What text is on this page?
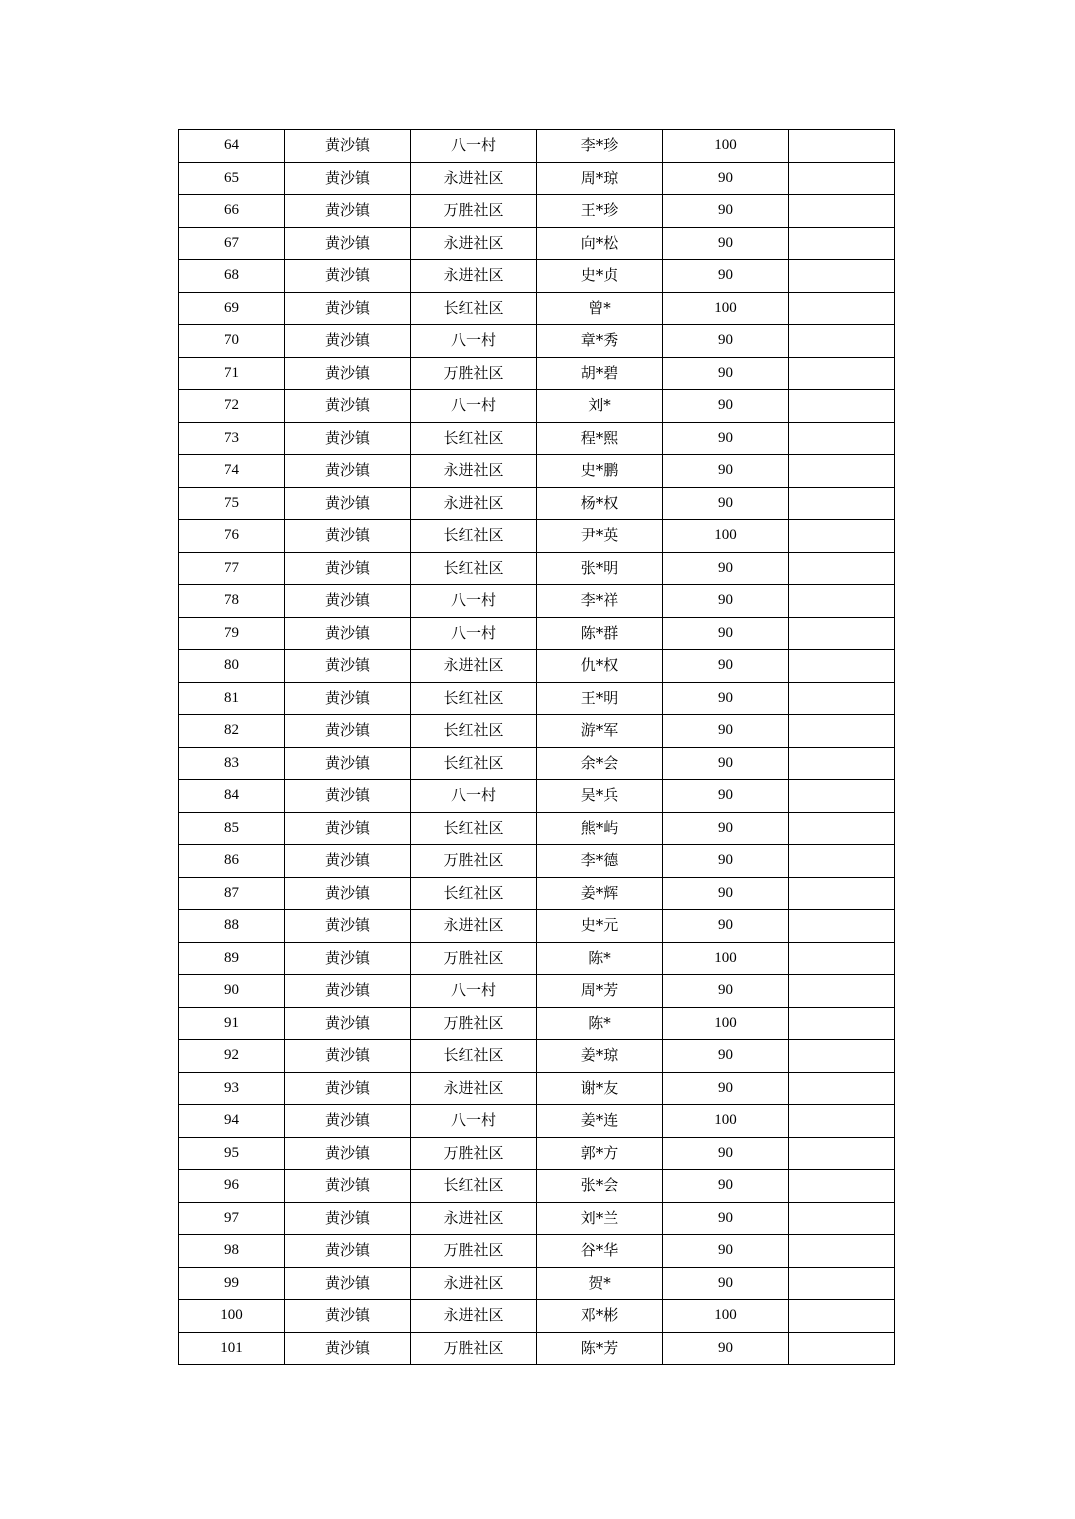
64	黄沙镇	八一村	李*珍	100	
65	黄沙镇	永进社区	周*琼	90	
66	黄沙镇	万胜社区	王*珍	90	
67	黄沙镇	永进社区	向*松	90	
68	黄沙镇	永进社区	史*贞	90	
69	黄沙镇	长红社区	曾*	100	
70	黄沙镇	八一村	章*秀	90	
71	黄沙镇	万胜社区	胡*碧	90	
72	黄沙镇	八一村	刘*	90	
73	黄沙镇	长红社区	程*熙	90	
74	黄沙镇	永进社区	史*鹏	90	
75	黄沙镇	永进社区	杨*权	90	
76	黄沙镇	长红社区	尹*英	100	
77	黄沙镇	长红社区	张*明	90	
78	黄沙镇	八一村	李*祥	90	
79	黄沙镇	八一村	陈*群	90	
80	黄沙镇	永进社区	仇*权	90	
81	黄沙镇	长红社区	王*明	90	
82	黄沙镇	长红社区	游*军	90	
83	黄沙镇	长红社区	余*会	90	
84	黄沙镇	八一村	吴*兵	90	
85	黄沙镇	长红社区	熊*屿	90	
86	黄沙镇	万胜社区	李*德	90	
87	黄沙镇	长红社区	姜*辉	90	
88	黄沙镇	永进社区	史*元	90	
89	黄沙镇	万胜社区	陈*	100	
90	黄沙镇	八一村	周*芳	90	
91	黄沙镇	万胜社区	陈*	100	
92	黄沙镇	长红社区	姜*琼	90	
93	黄沙镇	永进社区	谢*友	90	
94	黄沙镇	八一村	姜*连	100	
95	黄沙镇	万胜社区	郭*方	90	
96	黄沙镇	长红社区	张*会	90	
97	黄沙镇	永进社区	刘*兰	90	
98	黄沙镇	万胜社区	谷*华	90	
99	黄沙镇	永进社区	贺*	90	
100	黄沙镇	永进社区	邓*彬	100	
101	黄沙镇	万胜社区	陈*芳	90	
